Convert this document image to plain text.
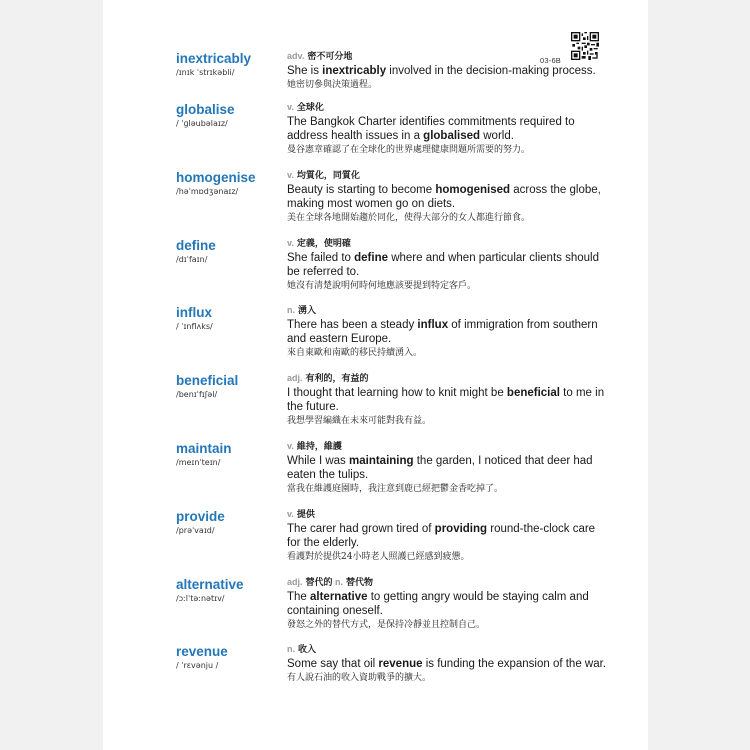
03-6B
inextricably
/ɪnɪk ˈstrɪkəbli/
adv. 密不可分地
She is inextricably involved in the decision-making process.
她密切參與決策過程。
globalise
/ ˈɡləubəlaɪz/
v. 全球化
The Bangkok Charter identifies commitments required to address health issues in a globalised world.
曼谷憲章確認了在全球化的世界處理健康問題所需要的努力。
homogenise
/həˈmɒdʒənaɪz/
v. 均質化，同質化
Beauty is starting to become homogenised across the globe, making most women go on diets.
美在全球各地開始趨於同化，使得大部分的女人都進行節食。
define
/dɪˈfaɪn/
v. 定義，使明確
She failed to define where and when particular clients should be referred to.
她沒有清楚說明何時何地應該要提到特定客戶。
influx
/ ˈɪnflʌks/
n. 湧入
There has been a steady influx of immigration from southern and eastern Europe.
來自東歐和南歐的移民持續湧入。
beneficial
/benɪˈfɪʃəl/
adj. 有利的，有益的
I thought that learning how to knit might be beneficial to me in the future.
我想學習編織在未來可能對我有益。
maintain
/meɪnˈteɪn/
v. 維持，維護
While I was maintaining the garden, I noticed that deer had eaten the tulips.
當我在維護庭園時，我注意到鹿已經把鬱金香吃掉了。
provide
/prəˈvaɪd/
v. 提供
The carer had grown tired of providing round-the-clock care for the elderly.
看護對於提供24小時老人照護已經感到疲憊。
alternative
/ɔːlˈtəːnətɪv/
adj. 替代的 n. 替代物
The alternative to getting angry would be staying calm and containing oneself.
發怒之外的替代方式，是保持冷靜並且控制自己。
revenue
/ ˈrɛvənju /
n. 收入
Some say that oil revenue is funding the expansion of the war.
有人說石油的收入資助戰爭的擴大。
